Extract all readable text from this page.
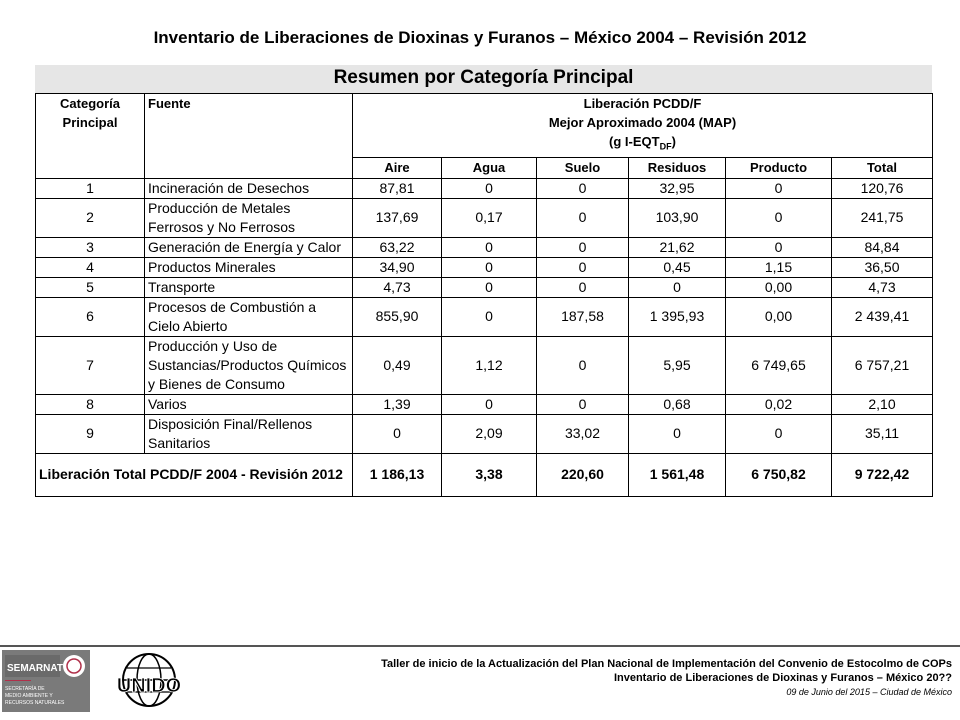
Inventario de Liberaciones de Dioxinas y Furanos – México 2004 – Revisión 2012
Resumen por Categoría Principal
Categoría Principal	Fuente	Liberación PCDD/F
Mejor Aproximado 2004 (MAP)
(g $I-EQT_{DF}$)					

		Aire	Agua	Suelo	Residuos	Producto	Total
1	Incineración de Desechos	87,81	0	0	32,95	0	120,76
2	Producción de Metales Ferrosos y No Ferrosos	137,69	0,17	0	103,90	0	241,75
3	Generación de Energía y Calor	63,22	0	0	21,62	0	84,84
4	Productos Minerales	34,90	0	0	0,45	1,15	36,50
5	Transporte	4,73	0	0	0	0,00	4,73
6	Procesos de Combustión a Cielo Abierto	855,90	0	187,58	1 395,93	0,00	2 439,41
7	Producción y Uso de Sustancias/Productos Químicos y Bienes de Consumo	0,49	1,12	0	5,95	6 749,65	6 757,21
8	Varios	1,39	0	0	0,68	0,02	2,10
9	Disposición Final/Rellenos Sanitarios	0	2,09	33,02	0	0	35,11
Liberación Total PCDD/F 2004 - Revisión 2012		1 186,13	3,38	220,60	1 561,48	6 750,82	9 722,42
SEMARNAT
SECRETARÍA DE
MEDIO AMBIENTE Y
RECURSOS NATURALES
UNIDO
Taller de inicio de la Actualización del Plan Nacional de Implementación del Convenio de Estocolmo de COPs
Inventario de Liberaciones de Dioxinas y Furanos – México 20??
09 de Junio del 2015 – Ciudad de México
